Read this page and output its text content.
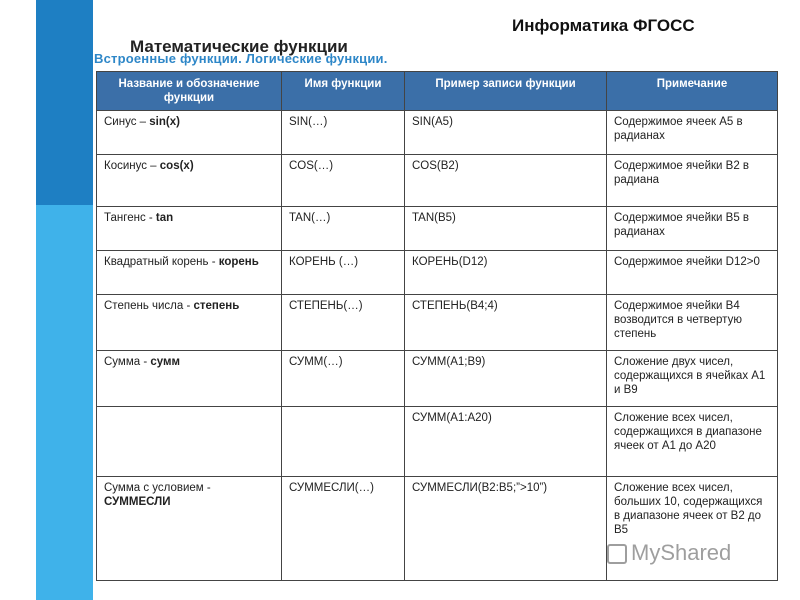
Информатика ФГОСС
Математические функции
Встроенные функции. Логические функции.
Название и обозначение функции	Имя функции	Пример записи функции	Примечание
Синус – sin(x)	SIN(…)	SIN(A5)	Содержимое ячеек А5 в радианах
Косинус – cos(x)	COS(…)	COS(B2)	Содержимое ячейки В2 в радиана
Тангенс - tan	TAN(…)	TAN(B5)	Содержимое ячейки В5 в радианах
Квадратный корень - корень	КОРЕНЬ (…)	КОРЕНЬ(D12)	Содержимое ячейки D12>0
Степень числа - степень	СТЕПЕНЬ(…)	СТЕПЕНЬ(B4;4)	Содержимое ячейки В4 возводится в четвертую степень
Сумма - сумм	СУММ(…)	СУММ(А1;В9)	Сложение двух чисел, содержащихся в ячейках А1 и В9
		СУММ(А1:А20)	Сложение всех чисел, содержащихся в диапазоне ячеек от А1 до А20
Сумма с условием - СУММЕСЛИ	СУММЕСЛИ(…)	СУММЕСЛИ(В2:В5;”>10”)	Сложение всех чисел, больших 10, содержащихся в диапазоне ячеек от В2 до В5
MyShared
